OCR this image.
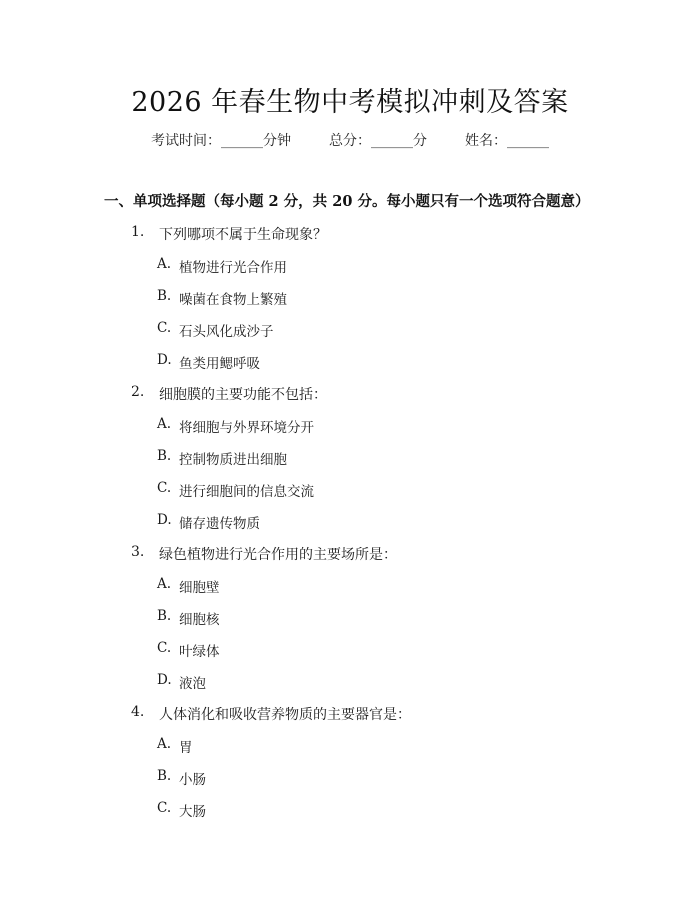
2026 年春生物中考模拟冲刺及答案
考试时间：______分钟	总分：______分	姓名：______
一、单项选择题（每小题 2 分，共 20 分。每小题只有一个选项符合题意）
1.	下列哪项不属于生命现象？
A. 植物进行光合作用
B. 噪菌在食物上繁殖
C. 石头风化成沙子
D. 鱼类用鳃呼吸
2.	细胞膜的主要功能不包括：
A. 将细胞与外界环境分开
B. 控制物质进出细胞
C. 进行细胞间的信息交流
D. 储存遗传物质
3.	绿色植物进行光合作用的主要场所是：
A. 细胞壁
B. 细胞核
C. 叶绿体
D. 液泡
4.	人体消化和吸收营养物质的主要器官是：
A. 胃
B. 小肠
C. 大肠
